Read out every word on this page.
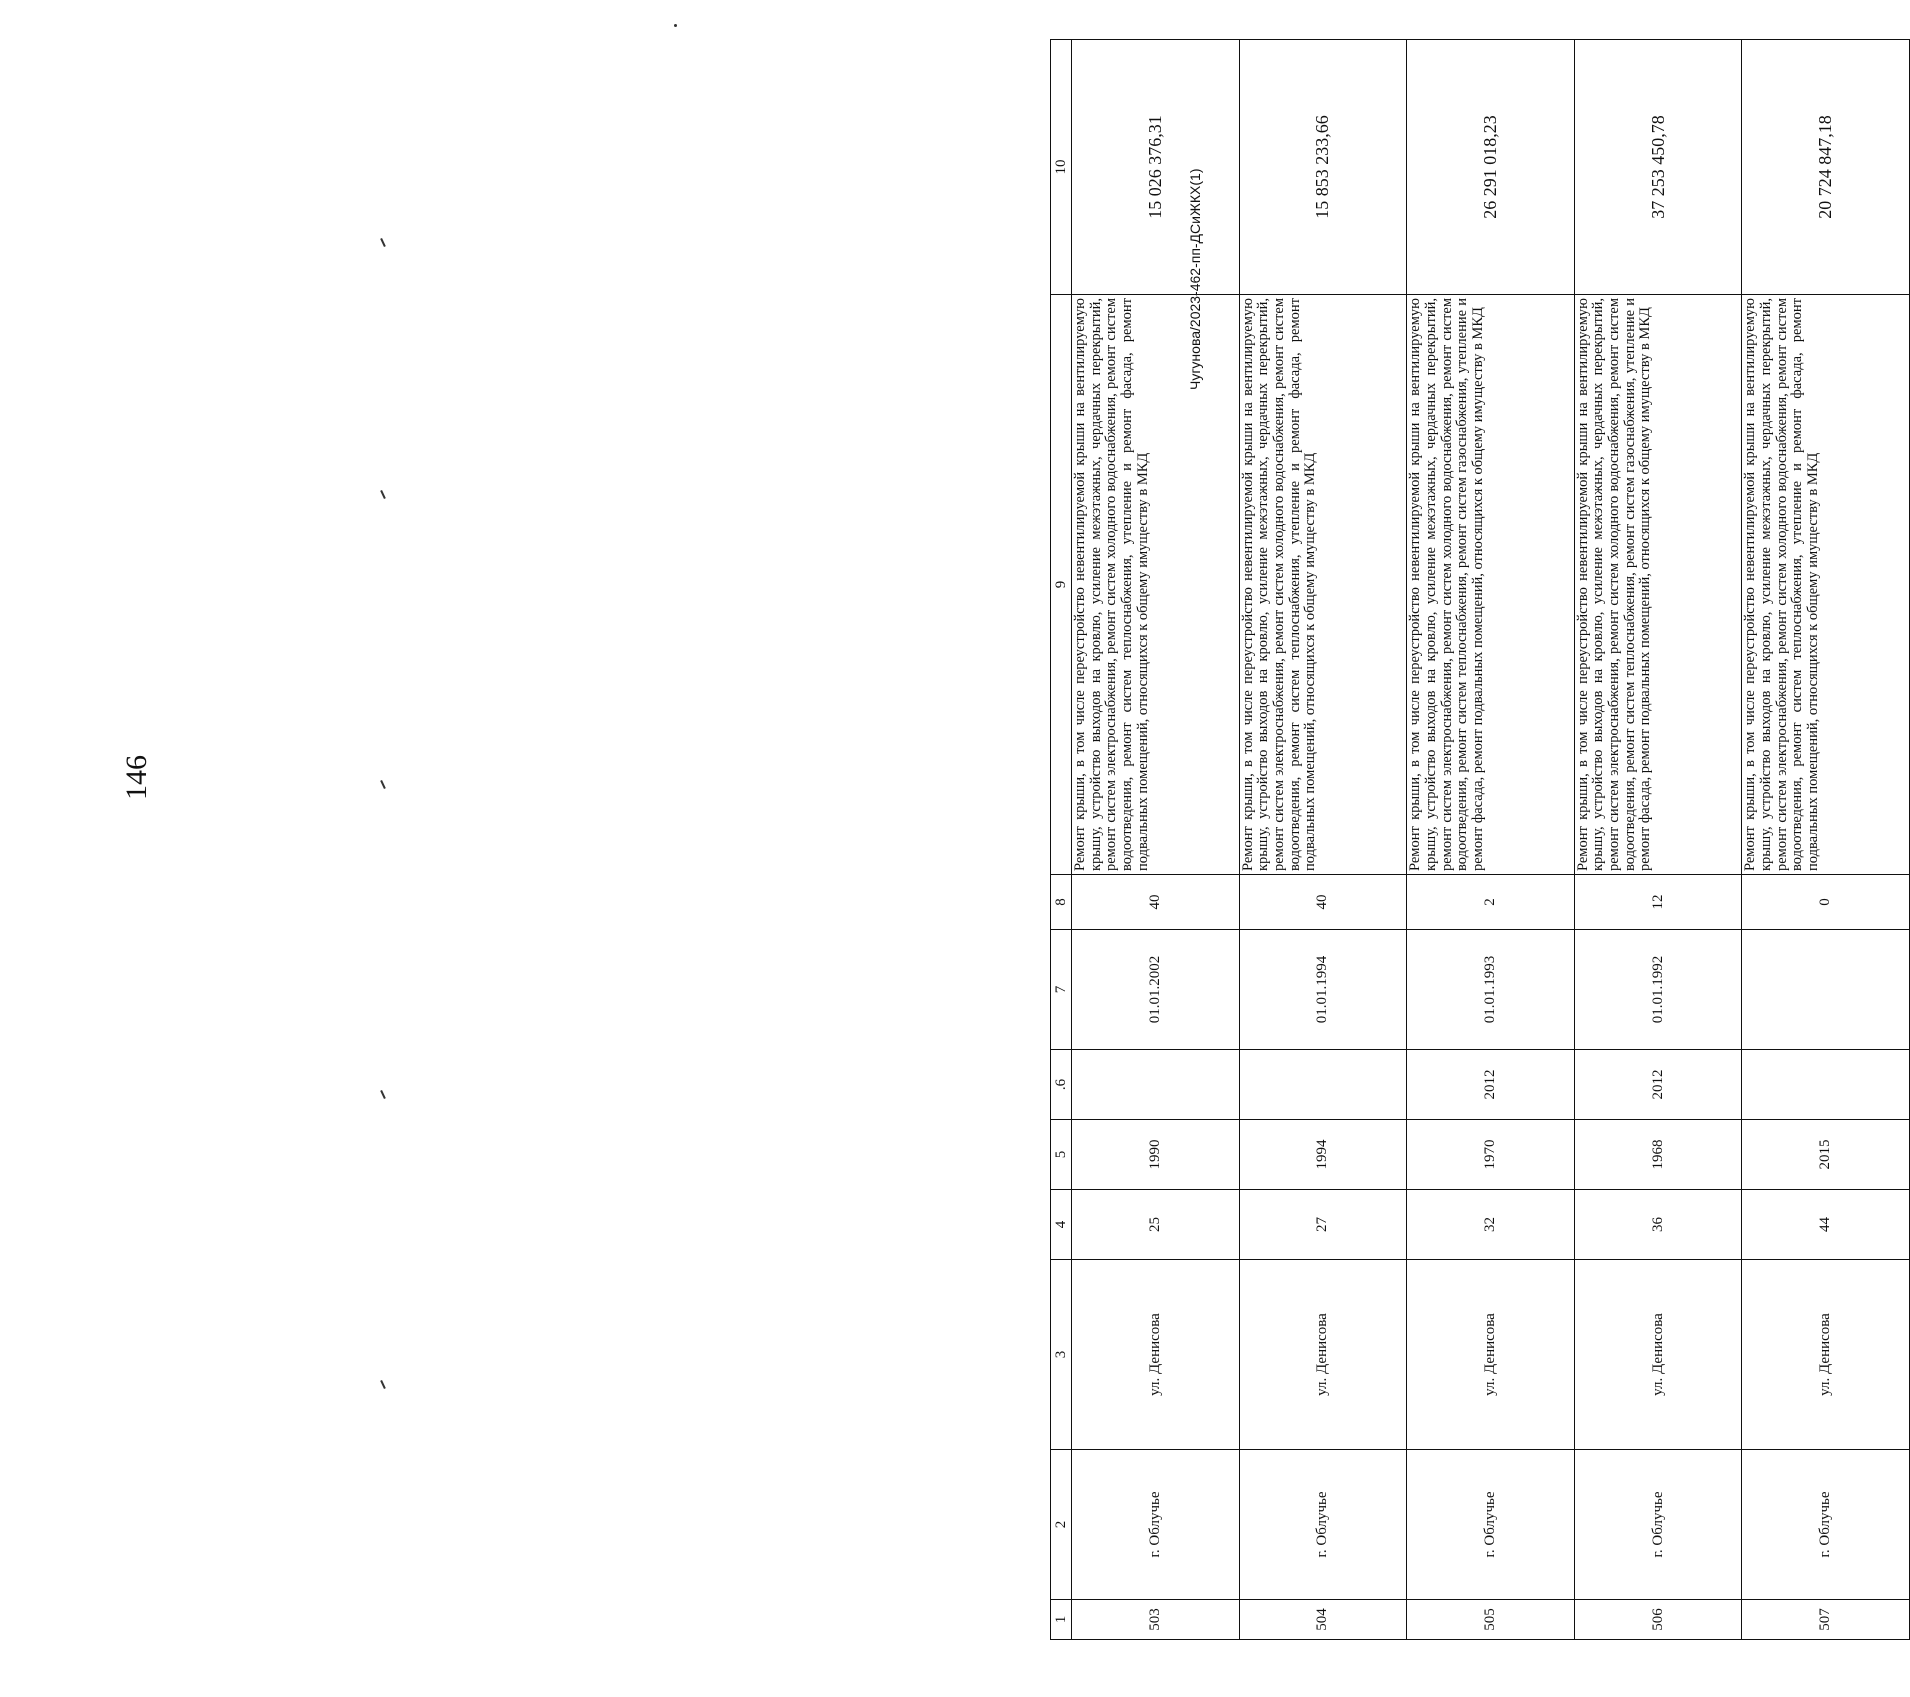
146
Чугунова/2023-462-пп-ДСиЖКХ(1)
1	2	3	4	5	.6	7	8	9	10
503	г. Облучье	ул. Денисова	25	1990		01.01.2002	40	Ремонт крыши, в том числе переустройство невентилируемой крыши на вентилируемую крышу, устройство выходов на кровлю, усиление межэтажных, чердачных перекрытий, ремонт систем электроснабжения, ремонт систем холодного водоснабжения, ремонт систем водоотведения, ремонт систем теплоснабжения, утепление и ремонт фасада, ремонт подвальных помещений, относящихся к общему имуществу в МКД	15 026 376,31
504	г. Облучье	ул. Денисова	27	1994		01.01.1994	40	Ремонт крыши, в том числе переустройство невентилируемой крыши на вентилируемую крышу, устройство выходов на кровлю, усиление межэтажных, чердачных перекрытий, ремонт систем электроснабжения, ремонт систем холодного водоснабжения, ремонт систем водоотведения, ремонт систем теплоснабжения, утепление и ремонт фасада, ремонт подвальных помещений, относящихся к общему имуществу в МКД	15 853 233,66
505	г. Облучье	ул. Денисова	32	1970	2012	01.01.1993	2	Ремонт крыши, в том числе переустройство невентилируемой крыши на вентилируемую крышу, устройство выходов на кровлю, усиление межэтажных, чердачных перекрытий, ремонт систем электроснабжения, ремонт систем холодного водоснабжения, ремонт систем водоотведения, ремонт систем теплоснабжения, ремонт систем газоснабжения, утепление и ремонт фасада, ремонт подвальных помещений, относящихся к общему имуществу в МКД	26 291 018,23
506	г. Облучье	ул. Денисова	36	1968	2012	01.01.1992	12	Ремонт крыши, в том числе переустройство невентилируемой крыши на вентилируемую крышу, устройство выходов на кровлю, усиление межэтажных, чердачных перекрытий, ремонт систем электроснабжения, ремонт систем холодного водоснабжения, ремонт систем водоотведения, ремонт систем теплоснабжения, ремонт систем газоснабжения, утепление и ремонт фасада, ремонт подвальных помещений, относящихся к общему имуществу в МКД	37 253 450,78
507	г. Облучье	ул. Денисова	44	2015			0	Ремонт крыши, в том числе переустройство невентилируемой крыши на вентилируемую крышу, устройство выходов на кровлю, усиление межэтажных, чердачных перекрытий, ремонт систем электроснабжения, ремонт систем холодного водоснабжения, ремонт систем водоотведения, ремонт систем теплоснабжения, утепление и ремонт фасада, ремонт подвальных помещений, относящихся к общему имуществу в МКД	20 724 847,18
